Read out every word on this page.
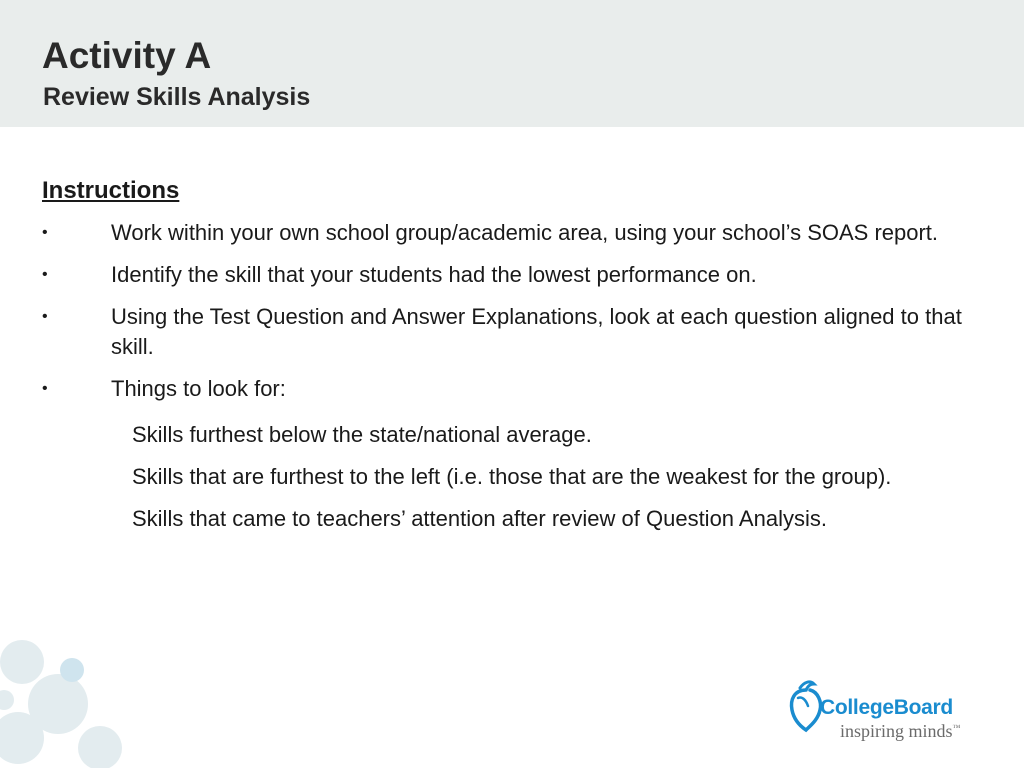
Activity A
Review Skills Analysis
Instructions
•	Work within your own school group/academic area, using your school’s SOAS report.
•	Identify the skill that your students had the lowest performance on.
•	Using the Test Question and Answer Explanations, look at each question aligned to that skill.
•	Things to look for:
Skills furthest below the state/national average.
Skills that are furthest to the left (i.e. those that are the weakest for the group).
Skills that came to teachers’ attention after review of Question Analysis.
CollegeBoard
inspiring minds™
